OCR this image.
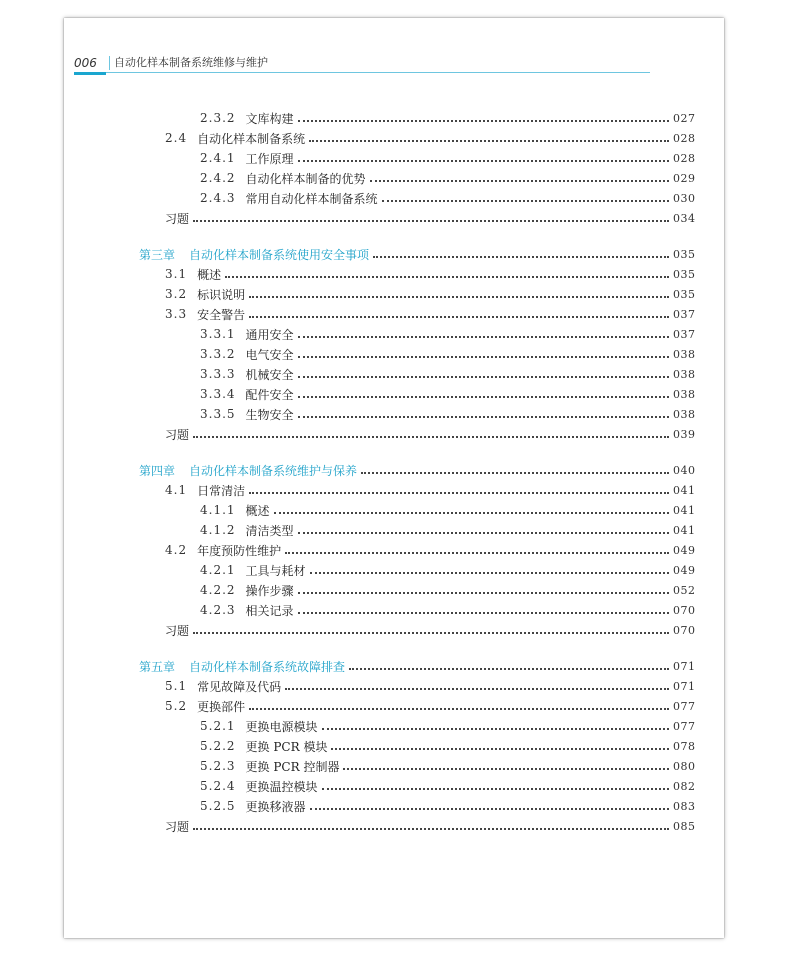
006	自动化样本制备系统维修与维护
2.3.2 文库构建	027
2.4 自动化样本制备系统	028
2.4.1 工作原理	028
2.4.2 自动化样本制备的优势	029
2.4.3 常用自动化样本制备系统	030
习题	034
第三章 自动化样本制备系统使用安全事项	035
3.1 概述	035
3.2 标识说明	035
3.3 安全警告	037
3.3.1 通用安全	037
3.3.2 电气安全	038
3.3.3 机械安全	038
3.3.4 配件安全	038
3.3.5 生物安全	038
习题	039
第四章 自动化样本制备系统维护与保养	040
4.1 日常清洁	041
4.1.1 概述	041
4.1.2 清洁类型	041
4.2 年度预防性维护	049
4.2.1 工具与耗材	049
4.2.2 操作步骤	052
4.2.3 相关记录	070
习题	070
第五章 自动化样本制备系统故障排查	071
5.1 常见故障及代码	071
5.2 更换部件	077
5.2.1 更换电源模块	077
5.2.2 更换 PCR 模块	078
5.2.3 更换 PCR 控制器	080
5.2.4 更换温控模块	082
5.2.5 更换移液器	083
习题	085
